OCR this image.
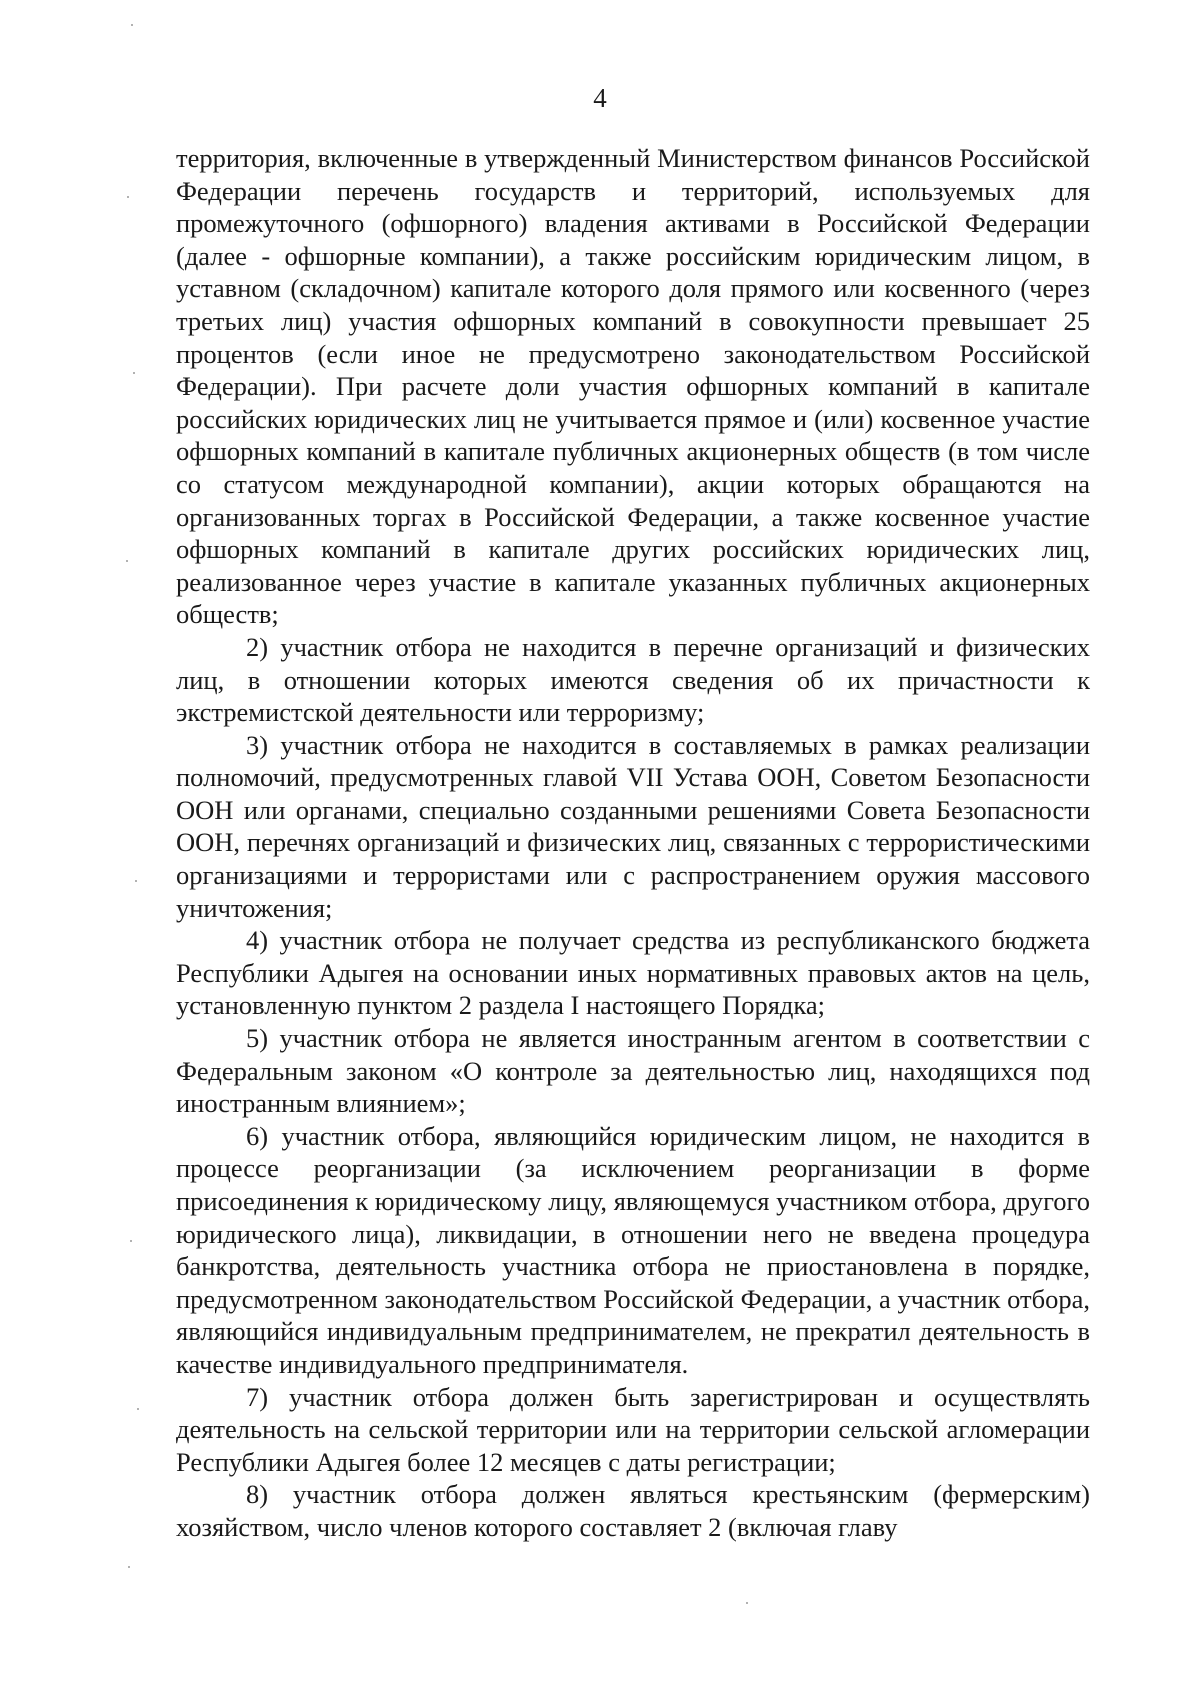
4

территория, включенные в утвержденный Министерством финансов Российской Федерации перечень государств и территорий, используемых для промежуточного (офшорного) владения активами в Российской Федерации (далее - офшорные компании), а также российским юридическим лицом, в уставном (складочном) капитале которого доля прямого или косвенного (через третьих лиц) участия офшорных компаний в совокупности превышает 25 процентов (если иное не предусмотрено законодательством Российской Федерации). При расчете доли участия офшорных компаний в капитале российских юридических лиц не учитывается прямое и (или) косвенное участие офшорных компаний в капитале публичных акционерных обществ (в том числе со статусом международной компании), акции которых обращаются на организованных торгах в Российской Федерации, а также косвенное участие офшорных компаний в капитале других российских юридических лиц, реализованное через участие в капитале указанных публичных акционерных обществ;

2) участник отбора не находится в перечне организаций и физических лиц, в отношении которых имеются сведения об их причастности к экстремистской деятельности или терроризму;

3) участник отбора не находится в составляемых в рамках реализации полномочий, предусмотренных главой VII Устава ООН, Советом Безопасности ООН или органами, специально созданными решениями Совета Безопасности ООН, перечнях организаций и физических лиц, связанных с террористическими организациями и террористами или с распространением оружия массового уничтожения;

4) участник отбора не получает средства из республиканского бюджета Республики Адыгея на основании иных нормативных правовых актов на цель, установленную пунктом 2 раздела I настоящего Порядка;

5) участник отбора не является иностранным агентом в соответствии с Федеральным законом «О контроле за деятельностью лиц, находящихся под иностранным влиянием»;

6) участник отбора, являющийся юридическим лицом, не находится в процессе реорганизации (за исключением реорганизации в форме присоединения к юридическому лицу, являющемуся участником отбора, другого юридического лица), ликвидации, в отношении него не введена процедура банкротства, деятельность участника отбора не приостановлена в порядке, предусмотренном законодательством Российской Федерации, а участник отбора, являющийся индивидуальным предпринимателем, не прекратил деятельность в качестве индивидуального предпринимателя.

7) участник отбора должен быть зарегистрирован и осуществлять деятельность на сельской территории или на территории сельской агломерации Республики Адыгея более 12 месяцев с даты регистрации;

8) участник отбора должен являться крестьянским (фермерским) хозяйством, число членов которого составляет 2 (включая главу
